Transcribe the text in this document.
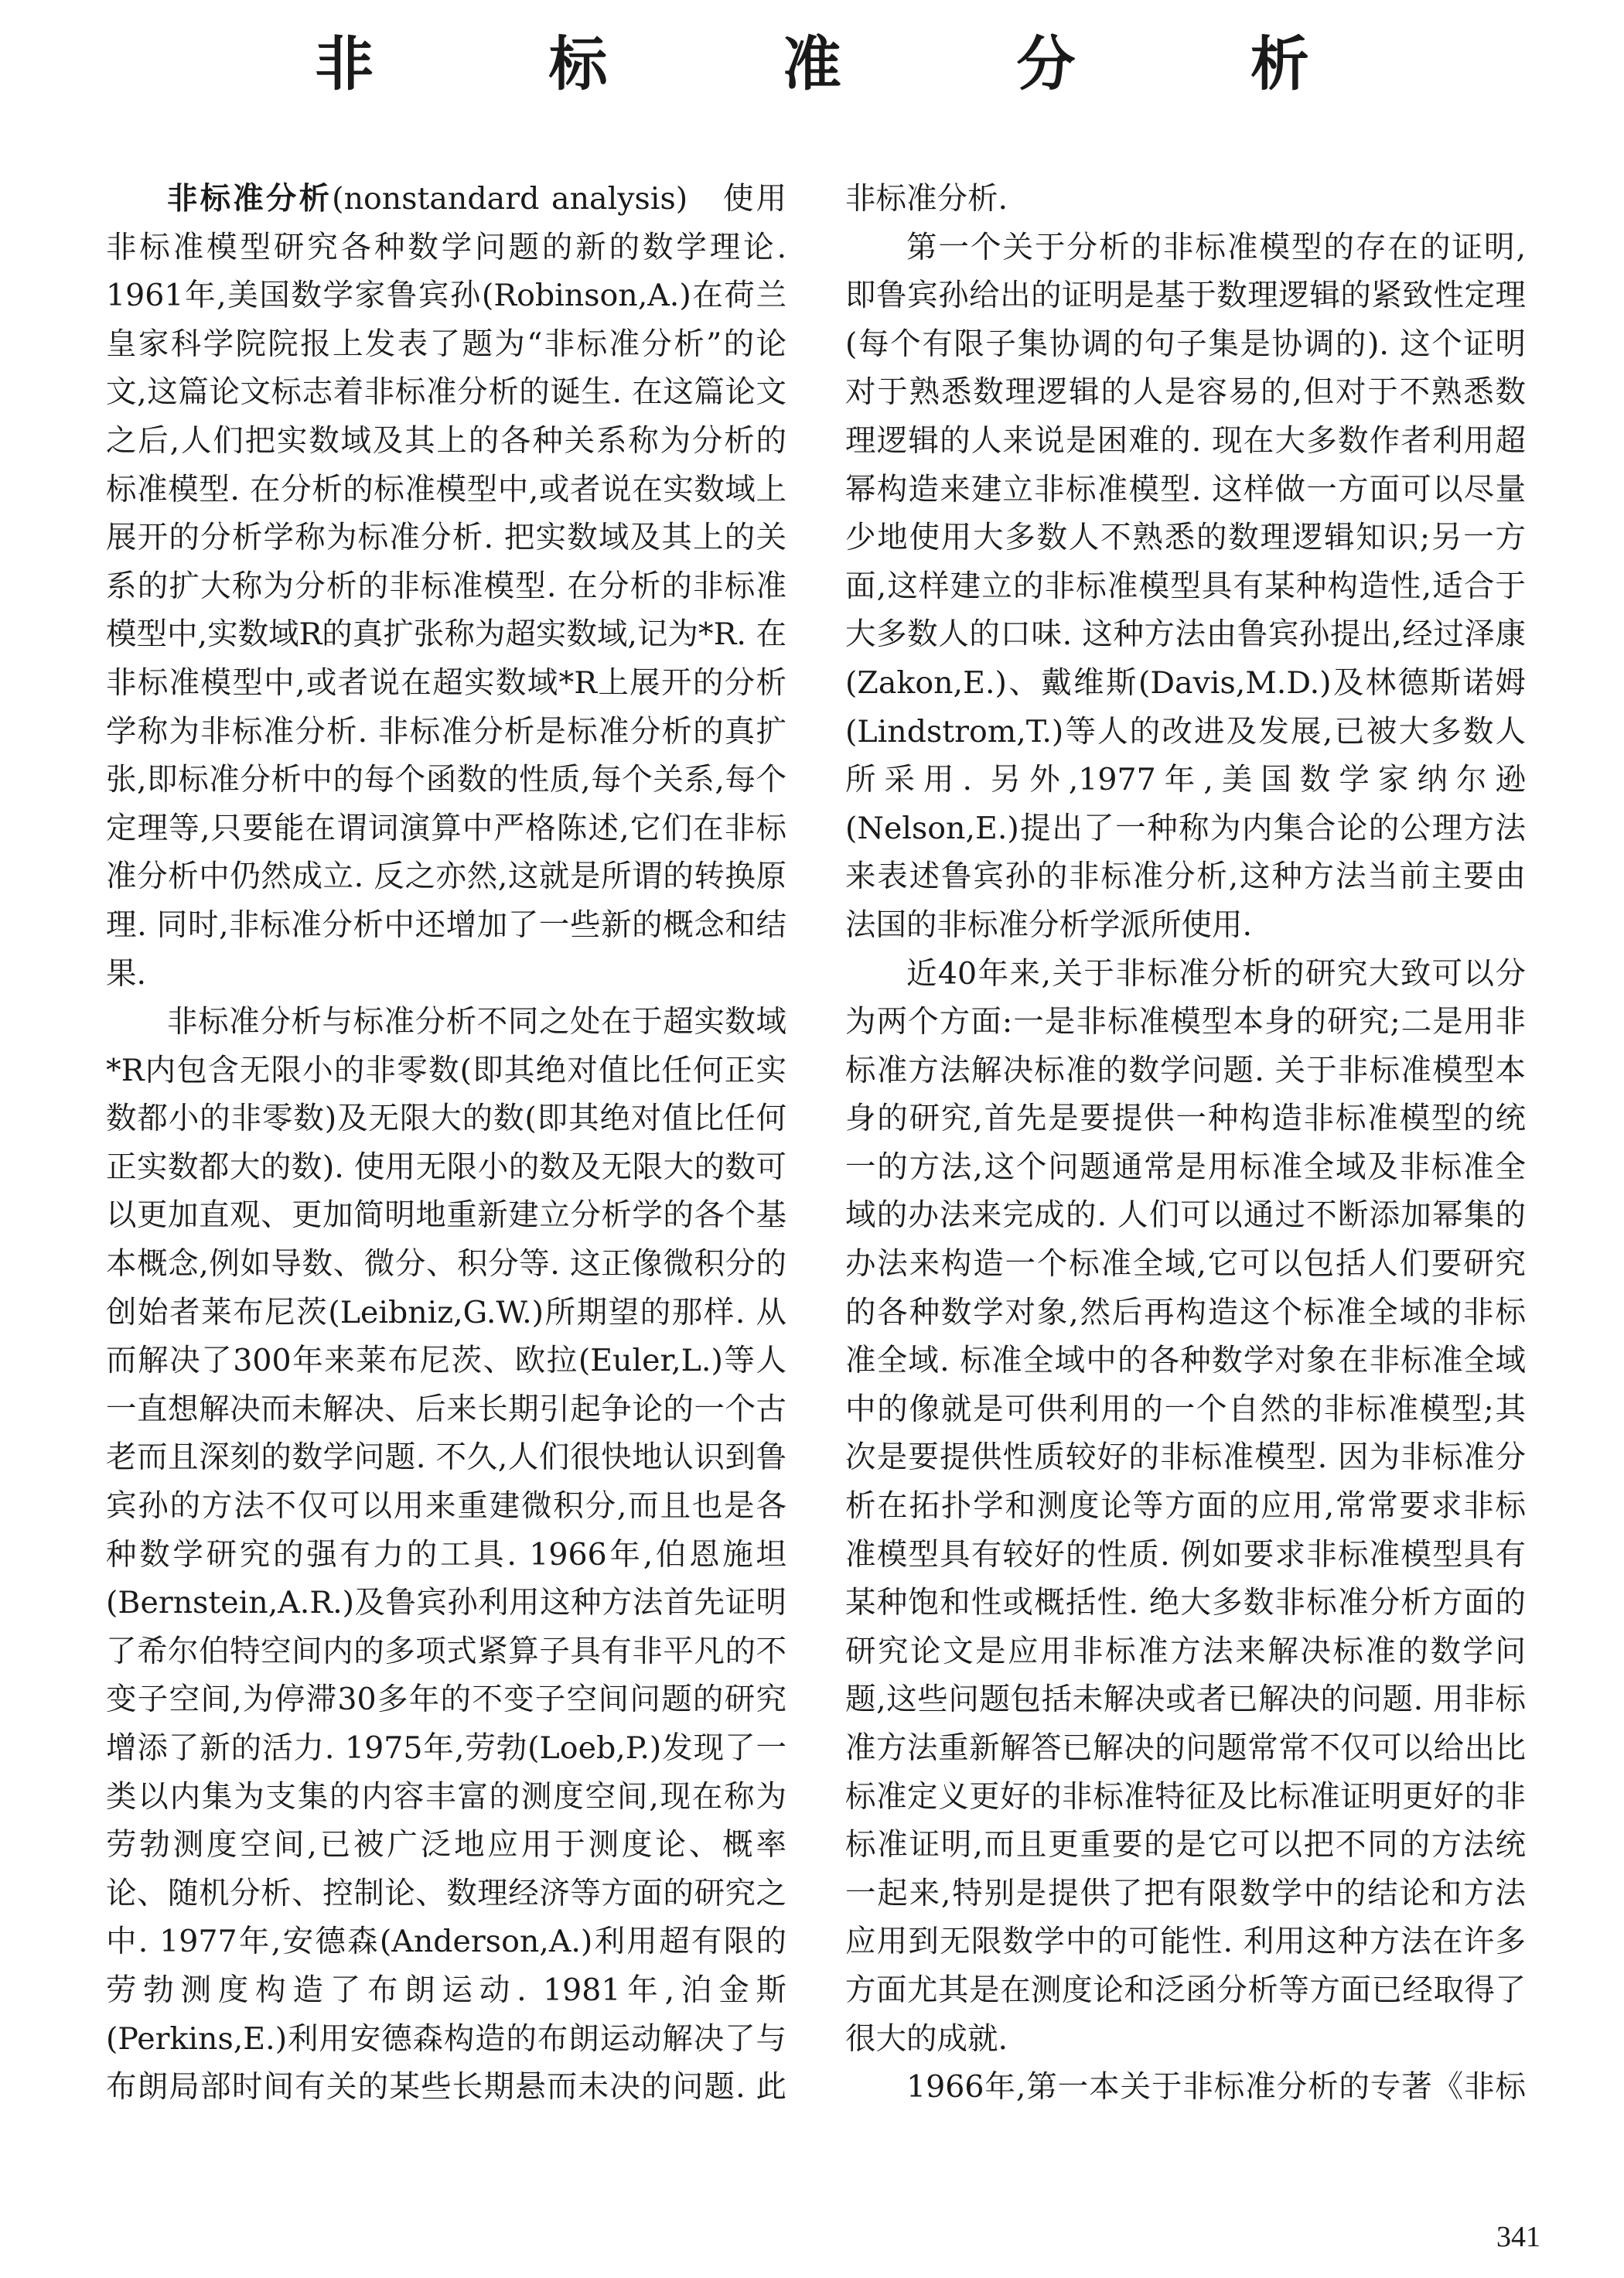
非 标 准 分 析

非标准分析(nonstandard analysis)　使用非标准模型研究各种数学问题的新的数学理论. 1961年,美国数学家鲁宾孙(Robinson,A.)在荷兰皇家科学院院报上发表了题为“非标准分析”的论文,这篇论文标志着非标准分析的诞生. 在这篇论文之后,人们把实数域及其上的各种关系称为分析的标准模型. 在分析的标准模型中,或者说在实数域上展开的分析学称为标准分析. 把实数域及其上的关系的扩大称为分析的非标准模型. 在分析的非标准模型中,实数域R的真扩张称为超实数域,记为*R. 在非标准模型中,或者说在超实数域*R上展开的分析学称为非标准分析. 非标准分析是标准分析的真扩张,即标准分析中的每个函数的性质,每个关系,每个定理等,只要能在谓词演算中严格陈述,它们在非标准分析中仍然成立. 反之亦然,这就是所谓的转换原理. 同时,非标准分析中还增加了一些新的概念和结果.

非标准分析与标准分析不同之处在于超实数域*R内包含无限小的非零数(即其绝对值比任何正实数都小的非零数)及无限大的数(即其绝对值比任何正实数都大的数). 使用无限小的数及无限大的数可以更加直观、更加简明地重新建立分析学的各个基本概念,例如导数、微分、积分等. 这正像微积分的创始者莱布尼茨(Leibniz,G.W.)所期望的那样. 从而解决了300年来莱布尼茨、欧拉(Euler,L.)等人一直想解决而未解决、后来长期引起争论的一个古老而且深刻的数学问题. 不久,人们很快地认识到鲁宾孙的方法不仅可以用来重建微积分,而且也是各种数学研究的强有力的工具. 1966年,伯恩施坦(Bernstein,A.R.)及鲁宾孙利用这种方法首先证明了希尔伯特空间内的多项式紧算子具有非平凡的不变子空间,为停滞30多年的不变子空间问题的研究增添了新的活力. 1975年,劳勃(Loeb,P.)发现了一类以内集为支集的内容丰富的测度空间,现在称为劳勃测度空间,已被广泛地应用于测度论、概率论、随机分析、控制论、数理经济等方面的研究之中. 1977年,安德森(Anderson,A.)利用超有限的劳勃测度构造了布朗运动. 1981年,泊金斯(Perkins,E.)利用安德森构造的布朗运动解决了与布朗局部时间有关的某些长期悬而未决的问题. 此

非标准分析.

第一个关于分析的非标准模型的存在的证明,即鲁宾孙给出的证明是基于数理逻辑的紧致性定理(每个有限子集协调的句子集是协调的). 这个证明对于熟悉数理逻辑的人是容易的,但对于不熟悉数理逻辑的人来说是困难的. 现在大多数作者利用超幂构造来建立非标准模型. 这样做一方面可以尽量少地使用大多数人不熟悉的数理逻辑知识;另一方面,这样建立的非标准模型具有某种构造性,适合于大多数人的口味. 这种方法由鲁宾孙提出,经过泽康(Zakon,E.)、戴维斯(Davis,M.D.)及林德斯诺姆(Lindstrom,T.)等人的改进及发展,已被大多数人所采用. 另外,1977年,美国数学家纳尔逊(Nelson,E.)提出了一种称为内集合论的公理方法来表述鲁宾孙的非标准分析,这种方法当前主要由法国的非标准分析学派所使用.

近40年来,关于非标准分析的研究大致可以分为两个方面:一是非标准模型本身的研究;二是用非标准方法解决标准的数学问题. 关于非标准模型本身的研究,首先是要提供一种构造非标准模型的统一的方法,这个问题通常是用标准全域及非标准全域的办法来完成的. 人们可以通过不断添加幂集的办法来构造一个标准全域,它可以包括人们要研究的各种数学对象,然后再构造这个标准全域的非标准全域. 标准全域中的各种数学对象在非标准全域中的像就是可供利用的一个自然的非标准模型;其次是要提供性质较好的非标准模型. 因为非标准分析在拓扑学和测度论等方面的应用,常常要求非标准模型具有较好的性质. 例如要求非标准模型具有某种饱和性或概括性. 绝大多数非标准分析方面的研究论文是应用非标准方法来解决标准的数学问题,这些问题包括未解决或者已解决的问题. 用非标准方法重新解答已解决的问题常常不仅可以给出比标准定义更好的非标准特征及比标准证明更好的非标准证明,而且更重要的是它可以把不同的方法统一起来,特别是提供了把有限数学中的结论和方法应用到无限数学中的可能性. 利用这种方法在许多方面尤其是在测度论和泛函分析等方面已经取得了很大的成就.

1966年,第一本关于非标准分析的专著《非标

341
